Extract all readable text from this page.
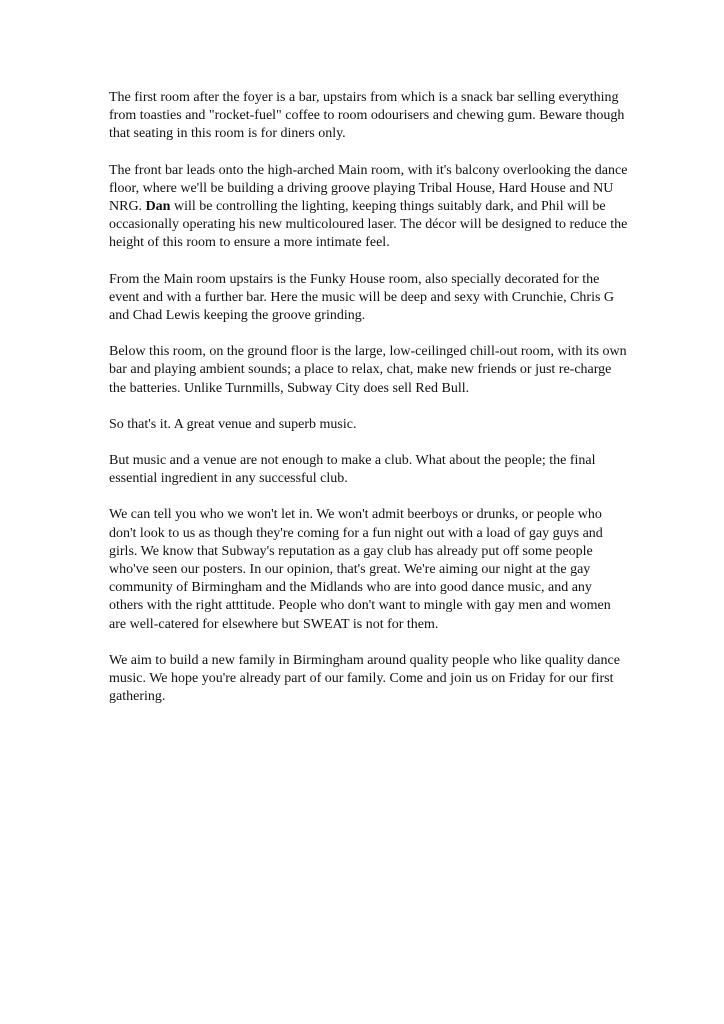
The first room after the foyer is a bar, upstairs from which is a snack bar selling everything from toasties and "rocket-fuel" coffee to room odourisers and chewing gum. Beware though that seating in this room is for diners only.

The front bar leads onto the high-arched Main room, with it's balcony overlooking the dance floor, where we'll be building a driving groove playing Tribal House, Hard House and NU NRG. Dan will be controlling the lighting, keeping things suitably dark, and Phil will be occasionally operating his new multicoloured laser. The décor will be designed to reduce the height of this room to ensure a more intimate feel.

From the Main room upstairs is the Funky House room, also specially decorated for the event and with a further bar. Here the music will be deep and sexy with Crunchie, Chris G and Chad Lewis keeping the groove grinding.

Below this room, on the ground floor is the large, low-ceilinged chill-out room, with its own bar and playing ambient sounds; a place to relax, chat, make new friends or just re-charge the batteries. Unlike Turnmills, Subway City does sell Red Bull.

So that's it. A great venue and superb music.

But music and a venue are not enough to make a club. What about the people; the final essential ingredient in any successful club.

We can tell you who we won't let in. We won't admit beerboys or drunks, or people who don't look to us as though they're coming for a fun night out with a load of gay guys and girls. We know that Subway's reputation as a gay club has already put off some people who've seen our posters. In our opinion, that's great. We're aiming our night at the gay community of Birmingham and the Midlands who are into good dance music, and any others with the right atttitude. People who don't want to mingle with gay men and women are well-catered for elsewhere but SWEAT is not for them.

We aim to build a new family in Birmingham around quality people who like quality dance music. We hope you're already part of our family. Come and join us on Friday for our first gathering.
